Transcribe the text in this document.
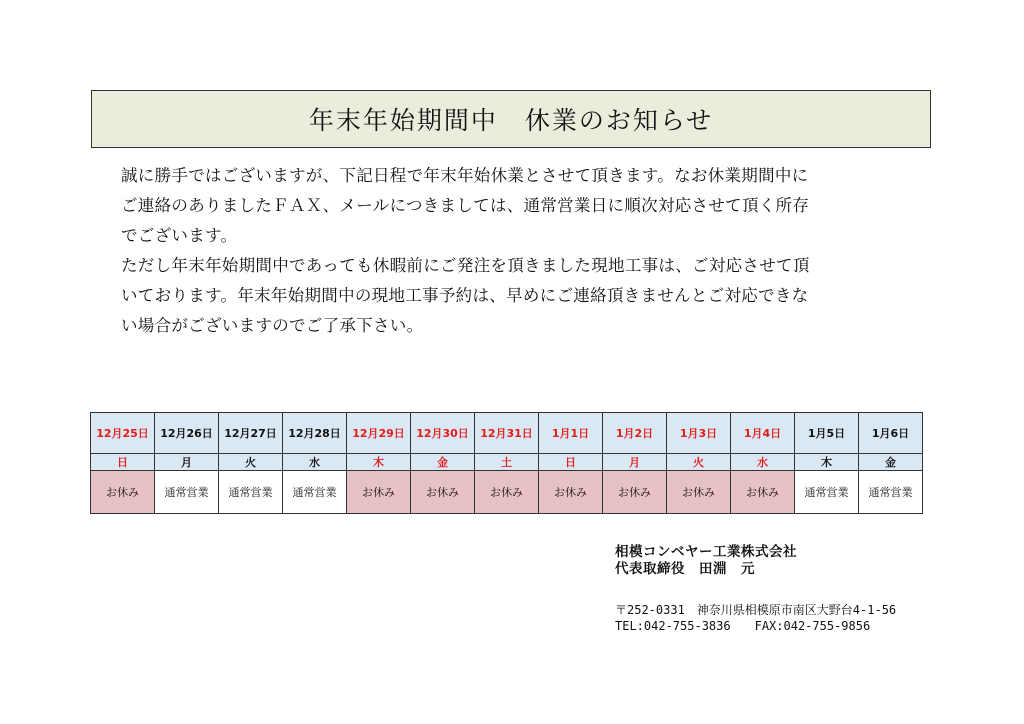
年末年始期間中　休業のお知らせ

誠に勝手ではございますが、下記日程で年末年始休業とさせて頂きます。なお休業期間中に

ご連絡のありましたＦＡＸ、メールにつきましては、通常営業日に順次対応させて頂く所存

でございます。

ただし年末年始期間中であっても休暇前にご発注を頂きました現地工事は、ご対応させて頂

いております。年末年始期間中の現地工事予約は、早めにご連絡頂きませんとご対応できな

い場合がございますのでご了承下さい。

12月25日	12月26日	12月27日	12月28日	12月29日	12月30日	12月31日	1月1日	1月2日	1月3日	1月4日	1月5日	1月6日
日	月	火	水	木	金	土	日	月	火	水	木	金
お休み	通常営業	通常営業	通常営業	お休み	お休み	お休み	お休み	お休み	お休み	お休み	通常営業	通常営業
相模コンベヤー工業株式会社
代表取締役　田淵　元
〒252-0331　神奈川県相模原市南区大野台4-1-56
TEL:042-755-3836　　FAX:042-755-9856
